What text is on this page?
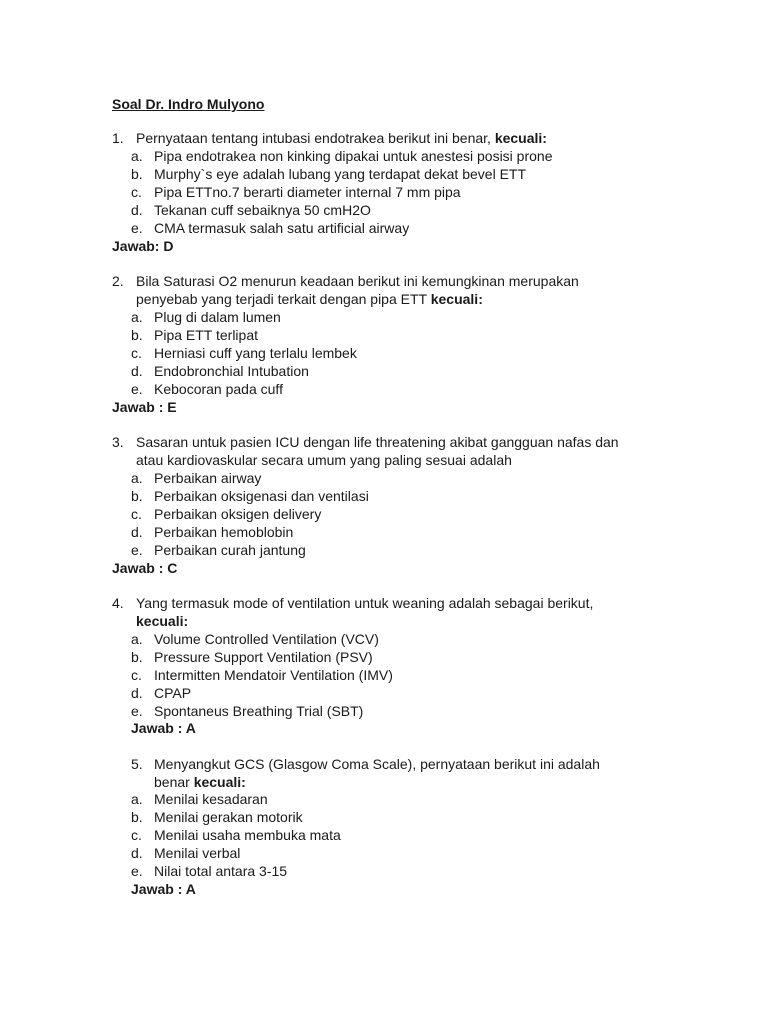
Soal Dr. Indro Mulyono
1. Pernyataan tentang intubasi endotrakea berikut ini benar, kecuali:
a. Pipa endotrakea non kinking dipakai untuk anestesi posisi prone
b. Murphy`s eye adalah lubang yang terdapat dekat bevel ETT
c. Pipa ETTno.7 berarti diameter internal 7 mm pipa
d. Tekanan cuff sebaiknya 50 cmH2O
e. CMA termasuk salah satu artificial airway
Jawab: D
2. Bila Saturasi O2 menurun keadaan berikut ini kemungkinan merupakan
penyebab yang terjadi terkait dengan pipa ETT kecuali:
a. Plug di dalam lumen
b. Pipa ETT terlipat
c. Herniasi cuff yang terlalu lembek
d. Endobronchial Intubation
e. Kebocoran pada cuff
Jawab : E
3. Sasaran untuk pasien ICU dengan life threatening akibat gangguan nafas dan
atau kardiovaskular secara umum yang paling sesuai adalah
a. Perbaikan airway
b. Perbaikan oksigenasi dan ventilasi
c. Perbaikan oksigen delivery
d. Perbaikan hemoblobin
e. Perbaikan curah jantung
Jawab : C
4. Yang termasuk mode of ventilation untuk weaning adalah sebagai berikut,
kecuali:
a. Volume Controlled Ventilation (VCV)
b. Pressure Support Ventilation (PSV)
c. Intermitten Mendatoir Ventilation (IMV)
d. CPAP
e. Spontaneus Breathing Trial (SBT)
Jawab : A
5. Menyangkut GCS (Glasgow Coma Scale), pernyataan berikut ini adalah
benar kecuali:
a. Menilai kesadaran
b. Menilai gerakan motorik
c. Menilai usaha membuka mata
d. Menilai verbal
e. Nilai total antara 3-15
Jawab : A
